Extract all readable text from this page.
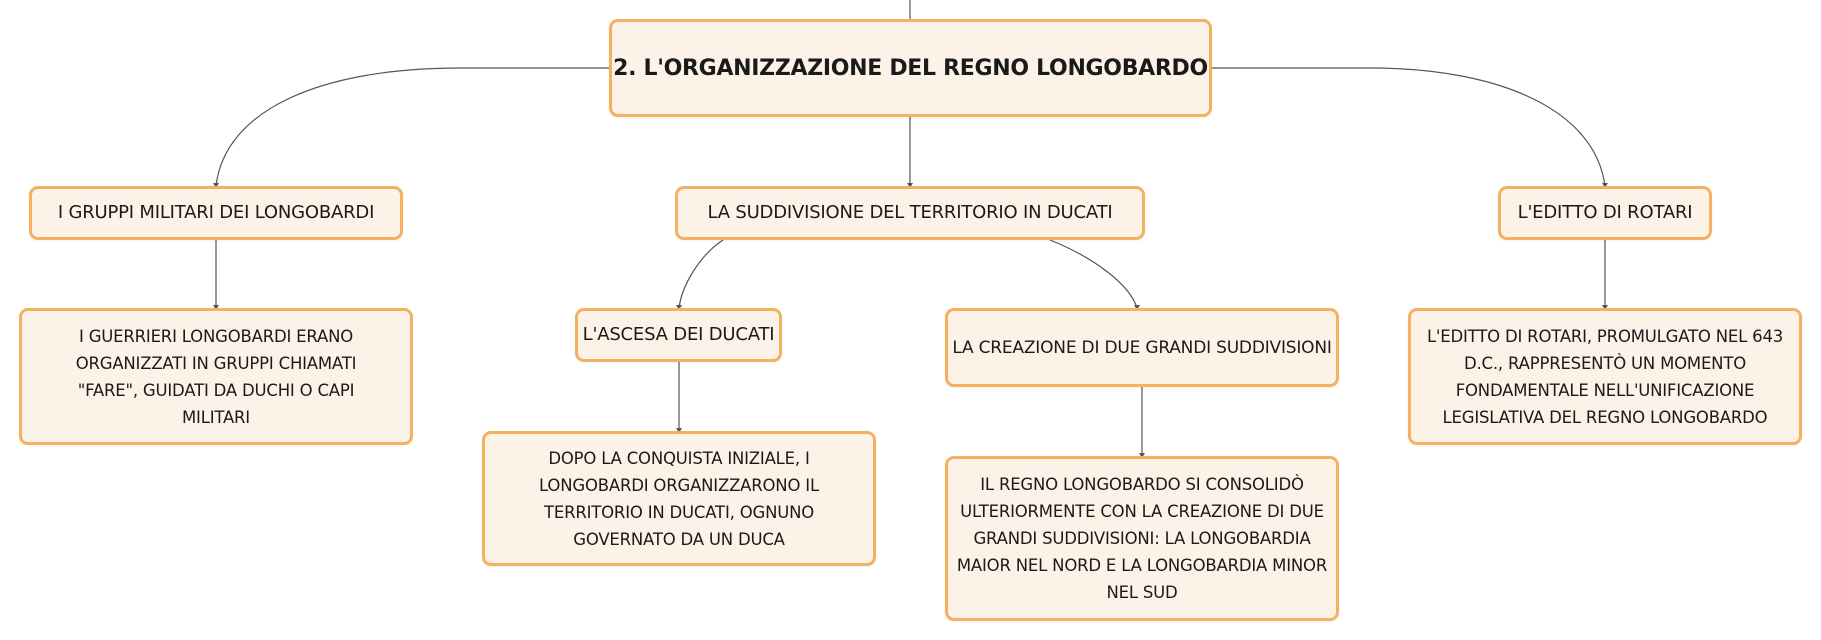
2. L'ORGANIZZAZIONE DEL REGNO LONGOBARDO
I GRUPPI MILITARI DEI LONGOBARDI	LA SUDDIVISIONE DEL TERRITORIO IN DUCATI	L'EDITTO DI ROTARI
L'ASCESA DEI DUCATI
LA CREAZIONE DI DUE GRANDI SUDDIVISIONI
I GUERRIERI LONGOBARDI ERANO ORGANIZZATI IN GRUPPI CHIAMATI "FARE", GUIDATI DA DUCHI O CAPI MILITARI
DOPO LA CONQUISTA INIZIALE, I LONGOBARDI ORGANIZZARONO IL TERRITORIO IN DUCATI, OGNUNO GOVERNATO DA UN DUCA
IL REGNO LONGOBARDO SI CONSOLIDÒ ULTERIORMENTE CON LA CREAZIONE DI DUE GRANDI SUDDIVISIONI: LA LONGOBARDIA MAIOR NEL NORD E LA LONGOBARDIA MINOR NEL SUD
L'EDITTO DI ROTARI, PROMULGATO NEL 643 D.C., RAPPRESENTÒ UN MOMENTO FONDAMENTALE NELL'UNIFICAZIONE LEGISLATIVA DEL REGNO LONGOBARDO
